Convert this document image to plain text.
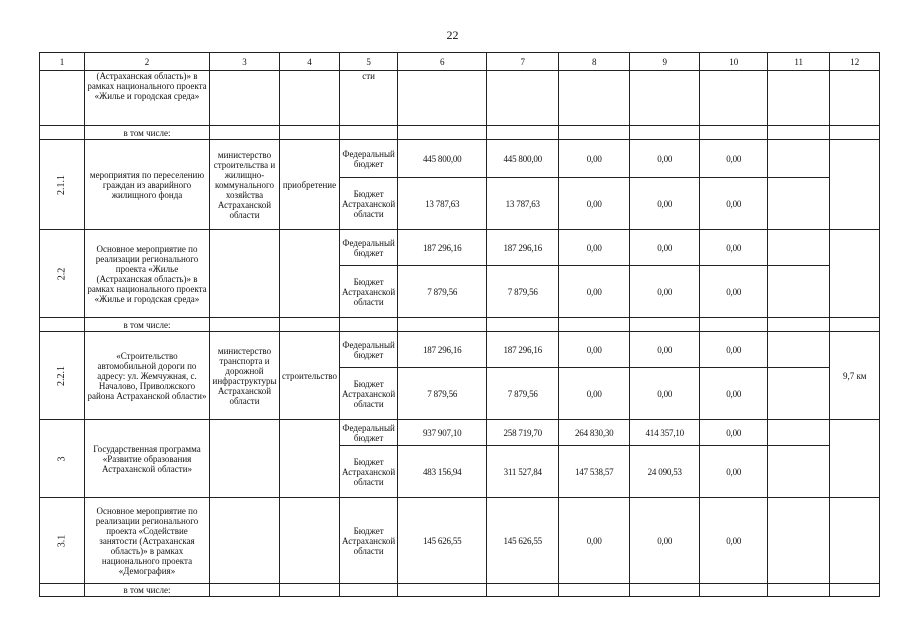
22
1	2	3	4	5	6	7	8	9	10	11	12
	(Астраханская область)» в рамках национального проекта «Жилье и городская среда»			сти							
	в том числе:										
2.1.1	мероприятия по переселению граждан из аварийного жилищного фонда	министерство строительства и жилищно-коммунального хозяйства Астраханской области	приобретение	Федеральный бюджет	445 800,00	445 800,00	0,00	0,00	0,00		
				Бюджет Астраханской области	13 787,63	13 787,63	0,00	0,00	0,00		
2.2	Основное мероприятие по реализации регионального проекта «Жилье (Астраханская область)» в рамках национального проекта «Жилье и городская среда»			Федеральный бюджет	187 296,16	187 296,16	0,00	0,00	0,00		
				Бюджет Астраханской области	7 879,56	7 879,56	0,00	0,00	0,00		
	в том числе:										
2.2.1	«Строительство автомобильной дороги по адресу: ул. Жемчужная, с. Началово, Приволжского района Астраханской области»	министерство транспорта и дорожной инфраструктуры Астраханской области	строительство	Федеральный бюджет	187 296,16	187 296,16	0,00	0,00	0,00		9,7 км
				Бюджет Астраханской области	7 879,56	7 879,56	0,00	0,00	0,00		
3	Государственная программа «Развитие образования Астраханской области»			Федеральный бюджет	937 907,10	258 719,70	264 830,30	414 357,10	0,00		
				Бюджет Астраханской области	483 156,94	311 527,84	147 538,57	24 090,53	0,00		
3.1	Основное мероприятие по реализации регионального проекта «Содействие занятости (Астраханская область)» в рамках национального проекта «Демография»			Бюджет Астраханской области	145 626,55	145 626,55	0,00	0,00	0,00		
	в том числе:										
